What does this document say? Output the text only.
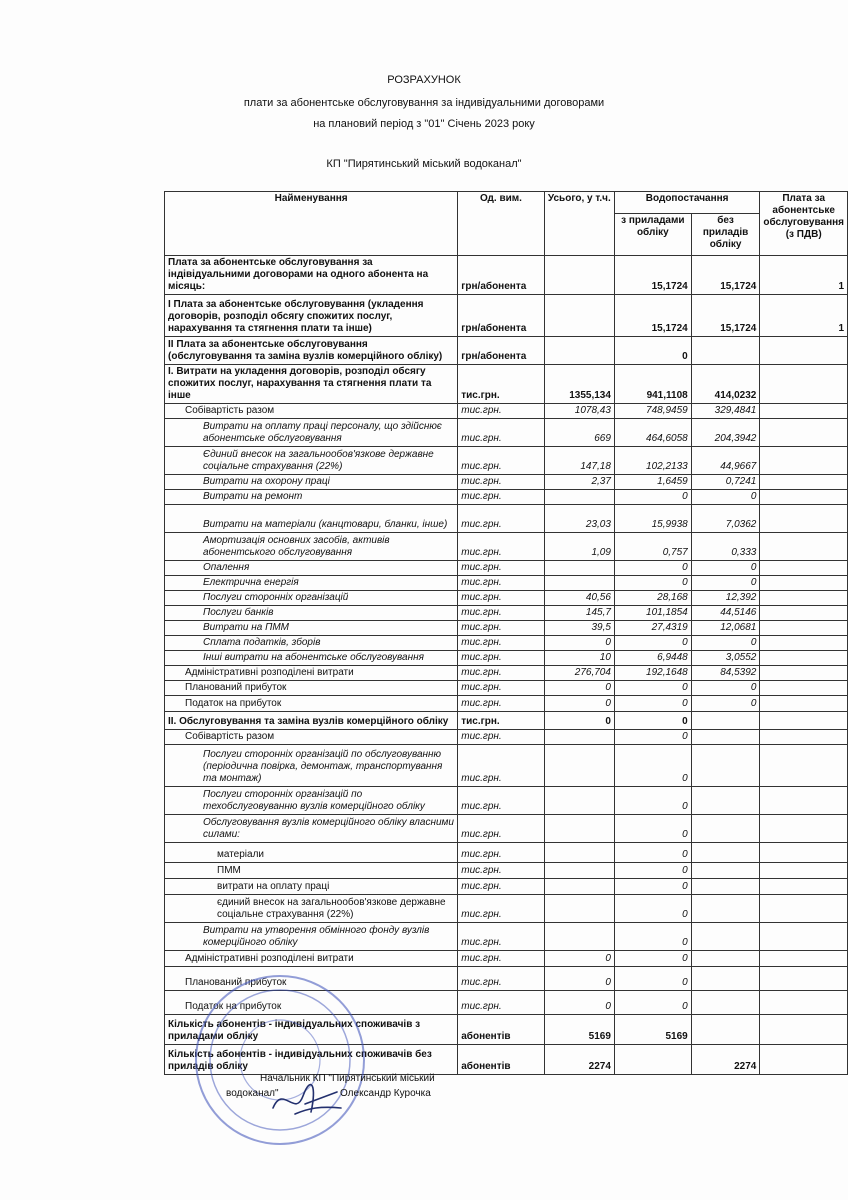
РОЗРАХУНОК
плати за абонентське обслуговування за індивідуальними договорами
на плановий період з "01" Січень 2023 року
КП "Пирятинський міський водоканал"
Найменування	Од. вим.	Усього, у т.ч.	Водопостачання		Плата за абонентське обслуговування (з ПДВ)
			з приладами обліку	без приладів обліку	
Плата за абонентське обслуговування за індівідуальними договорами на одного абонента на місяць:	грн/абонента		15,1724	15,1724	1
I Плата за абонентське обслуговування (укладення договорів, розподіл обсягу спожитих послуг, нарахування та стягнення плати та інше)	грн/абонента		15,1724	15,1724	1
II Плата за абонентське обслуговування (обслуговування та заміна вузлів комерційного обліку)	грн/абонента		0		
I. Витрати на укладення договорів, розподіл обсягу спожитих послуг, нарахування та стягнення плати та інше	тис.грн.	1355,134	941,1108	414,0232	
Собівартість разом	тис.грн.	1078,43	748,9459	329,4841	
Витрати на оплату праці персоналу, що здійснює абонентське обслуговування	тис.грн.	669	464,6058	204,3942	
Єдиний внесок на загальнообов'язкове державне соціальне страхування (22%)	тис.грн.	147,18	102,2133	44,9667	
Витрати на охорону праці	тис.грн.	2,37	1,6459	0,7241	
Витрати на ремонт	тис.грн.		0	0	
Витрати на матеріали (канцтовари, бланки, інше)	тис.грн.	23,03	15,9938	7,0362	
Амортизація основних засобів, активів абонентського обслуговування	тис.грн.	1,09	0,757	0,333	
Опалення	тис.грн.		0	0	
Електрична енергія	тис.грн.		0	0	
Послуги сторонніх організацій	тис.грн.	40,56	28,168	12,392	
Послуги банків	тис.грн.	145,7	101,1854	44,5146	
Витрати на ПММ	тис.грн.	39,5	27,4319	12,0681	
Сплата податків, зборів	тис.грн.	0	0	0	
Інші витрати на абонентське обслуговування	тис.грн.	10	6,9448	3,0552	
Адміністративні розподілені витрати	тис.грн.	276,704	192,1648	84,5392	
Планований прибуток	тис.грн.	0	0	0	
Податок на прибуток	тис.грн.	0	0	0	
II. Обслуговування та заміна вузлів комерційного обліку	тис.грн.	0	0		
Собівартість разом	тис.грн.		0		
Послуги сторонніх організацій по обслуговуванню (періодична повірка, демонтаж, транспортування та монтаж)	тис.грн.		0		
Послуги сторонніх організацій по техобслуговуванню вузлів комерційного обліку	тис.грн.		0		
Обслуговування вузлів комерційного обліку власними силами:	тис.грн.		0		
матеріали	тис.грн.		0		
ПММ	тис.грн.		0		
витрати на оплату праці	тис.грн.		0		
єдиний внесок на загальнообов'язкове державне соціальне страхування (22%)	тис.грн.		0		
Витрати на утворення обмінного фонду вузлів комерційного обліку	тис.грн.		0		
Адміністративні розподілені витрати	тис.грн.	0	0		
Планований прибуток	тис.грн.	0	0		
Податок на прибуток	тис.грн.	0	0		
Кількість абонентів - індивідуальних споживачів з приладами обліку	абонентів	5169	5169		
Кількість абонентів - індивідуальних споживачів без приладів обліку	абонентів	2274		2274	
Начальник КП "Пирятинський міський
водоканал"	Олександр Курочка
